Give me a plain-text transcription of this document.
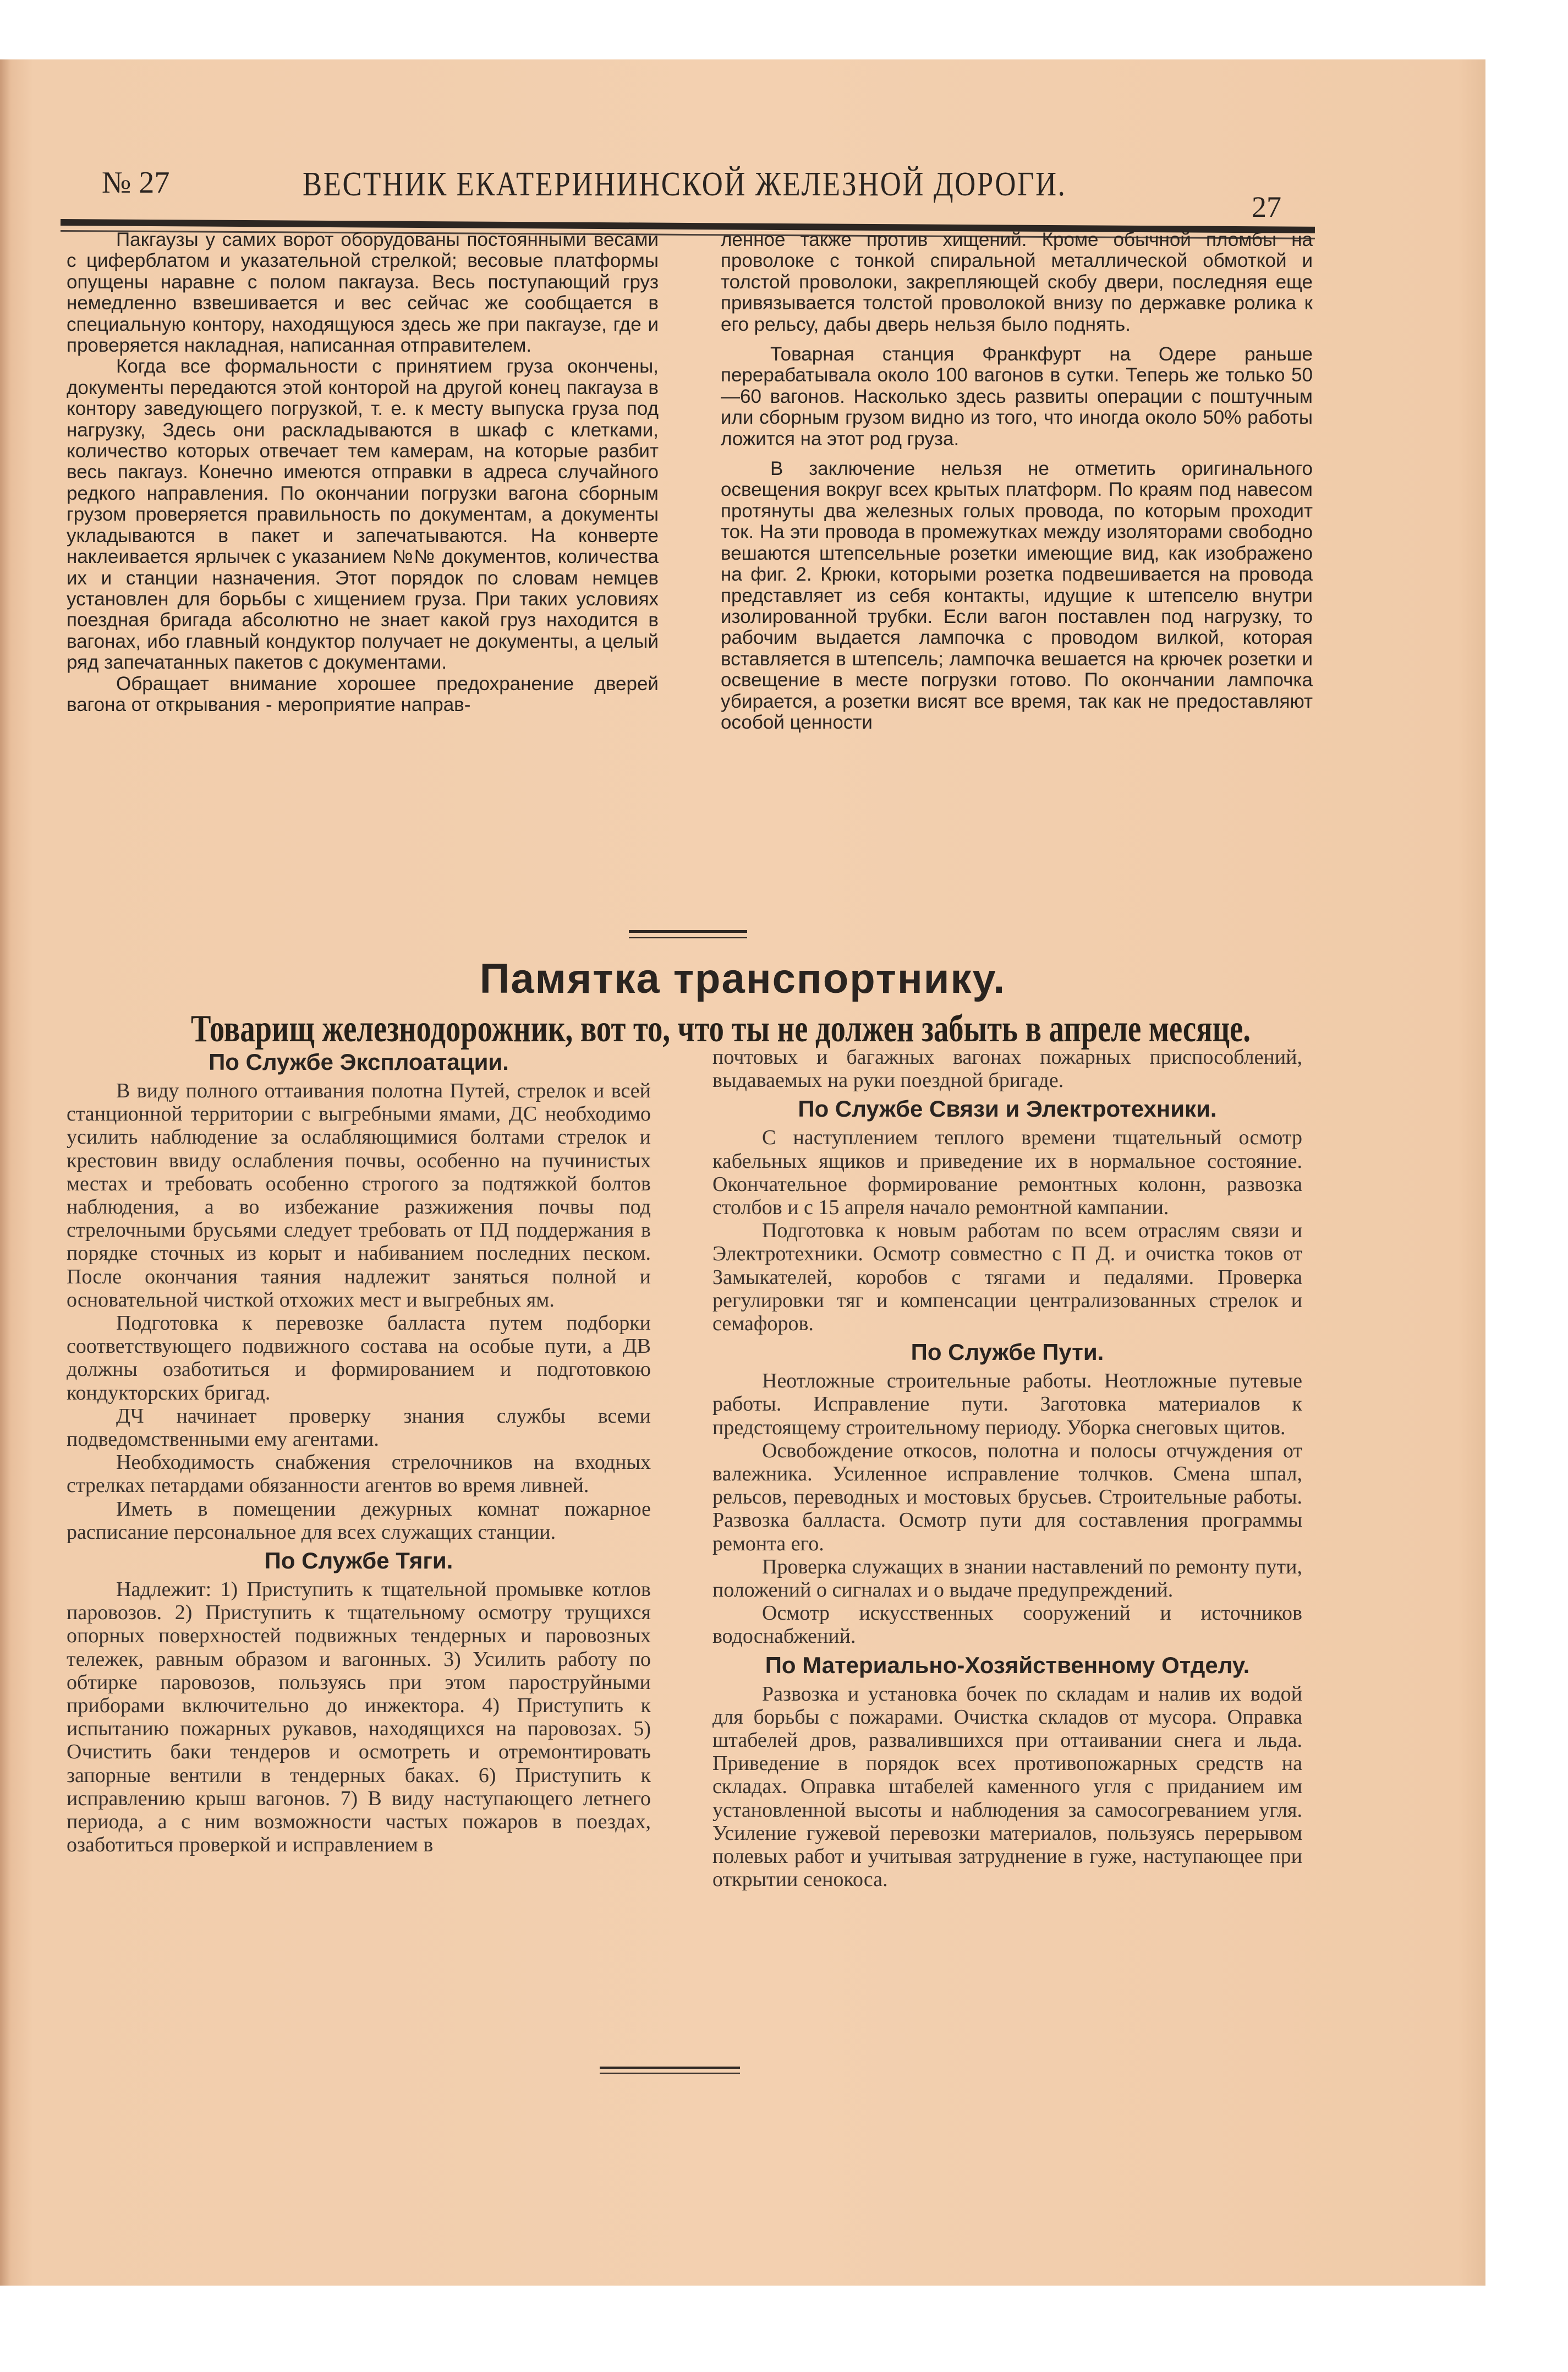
№ 27	ВЕСТНИК ЕКАТЕРИНИНСКОЙ ЖЕЛЕЗНОЙ ДОРОГИ.
27

Пакгаузы у самих ворот оборудованы постоянными весами с циферблатом и указательной стрелкой; весовые платформы опущены наравне с полом пакгауза. Весь поступающий груз немедленно взвешивается и вес сейчас же сообщается в специальную контору, находящуюся здесь же при пакгаузе, где и проверяется накладная, написанная отправителем.

Когда все формальности с принятием груза окончены, документы передаются этой конторой на другой конец пакгауза в контору заведующего погрузкой, т. е. к месту выпуска груза под нагрузку, Здесь они раскладываются в шкаф с клетками, количество которых отвечает тем камерам, на которые разбит весь пакгауз. Конечно имеются отправки в адреса случайного редкого направления. По окончании погрузки вагона сборным грузом проверяется правильность по документам, а документы укладываются в пакет и запечатываются. На конверте наклеивается ярлычек с указанием №№ документов, количества их и станции назначения. Этот порядок по словам немцев установлен для борьбы с хищением груза. При таких условиях поездная бригада абсолютно не знает какой груз находится в вагонах, ибо главный кондуктор получает не документы, а целый ряд запечатанных пакетов с документами.

Обращает внимание хорошее предохранение дверей вагона от открывания - мероприятие направ-

ленное также против хищений. Кроме обычной пломбы на проволоке с тонкой спиральной металлической обмоткой и толстой проволоки, закрепляющей скобу двери, последняя еще привязывается толстой проволокой внизу по державке ролика к его рельсу, дабы дверь нельзя было поднять.

Товарная станция Франкфурт на Одере раньше перерабатывала около 100 вагонов в сутки. Теперь же только 50—60 вагонов. Насколько здесь развиты операции с поштучным или сборным грузом видно из того, что иногда около 50% работы ложится на этот род груза.

В заключение нельзя не отметить оригинального освещения вокруг всех крытых платформ. По краям под навесом протянуты два железных голых провода, по которым проходит ток. На эти провода в промежутках между изоляторами свободно вешаются штепсельные розетки имеющие вид, как изображено на фиг. 2. Крюки, которыми розетка подвешивается на провода представляет из себя контакты, идущие к штепселю внутри изолированной трубки. Если вагон поставлен под нагрузку, то рабочим выдается лампочка с проводом вилкой, которая вставляется в штепсель; лампочка вешается на крючек розетки и освещение в месте погрузки готово. По окончании лампочка убирается, а розетки висят все время, так как не предоставляют особой ценности

Памятка транспортнику.
Товарищ железнодорожник, вот то, что ты не должен забыть в апреле месяце.
По Службе Эксплоатации.

В виду полного оттаивания полотна Путей, стрелок и всей станционной территории с выгребными ямами, ДС необходимо усилить наблюдение за ослабляющимися болтами стрелок и крестовин ввиду ослабления почвы, особенно на пучинистых местах и требовать особенно строгого за подтяжкой болтов наблюдения, а во избежание разжижения почвы под стрелочными брусьями следует требовать от ПД поддержания в порядке сточных из корыт и набиванием последних песком. После окончания таяния надлежит заняться полной и основательной чисткой отхожих мест и выгребных ям.

Подготовка к перевозке балласта путем подборки соответствующего подвижного состава на особые пути, а ДВ должны озаботиться и формированием и подготовкою кондукторских бригад.

ДЧ начинает проверку знания службы всеми подведомственными ему агентами.

Необходимость снабжения стрелочников на входных стрелках петардами обязанности агентов во время ливней.

Иметь в помещении дежурных комнат пожарное расписание персональное для всех служащих станции.

По Службе Тяги.

Надлежит: 1) Приступить к тщательной промывке котлов паровозов. 2) Приступить к тщательному осмотру трущихся опорных поверхностей подвижных тендерных и паровозных тележек, равным образом и вагонных. 3) Усилить работу по обтирке паровозов, пользуясь при этом пароструйными приборами включительно до инжектора. 4) Приступить к испытанию пожарных рукавов, находящихся на паровозах. 5) Очистить баки тендеров и осмотреть и отремонтировать запорные вентили в тендерных баках. 6) Приступить к исправлению крыш вагонов. 7) В виду наступающего летнего периода, а с ним возможности частых пожаров в поездах, озаботиться проверкой и исправлением в

почтовых и багажных вагонах пожарных приспособлений, выдаваемых на руки поездной бригаде.

По Службе Связи и Электротехники.

С наступлением теплого времени тщательный осмотр кабельных ящиков и приведение их в нормальное состояние. Окончательное формирование ремонтных колонн, развозка столбов и с 15 апреля начало ремонтной кампании.

Подготовка к новым работам по всем отраслям связи и Электротехники. Осмотр совместно с П Д. и очистка токов от Замыкателей, коробов с тягами и педалями. Проверка регулировки тяг и компенсации централизованных стрелок и семафоров.

По Службе Пути.

Неотложные строительные работы. Неотложные путевые работы. Исправление пути. Заготовка материалов к предстоящему строительному периоду. Уборка снеговых щитов.

Освобождение откосов, полотна и полосы отчуждения от валежника. Усиленное исправление толчков. Смена шпал, рельсов, переводных и мостовых брусьев. Строительные работы. Развозка балласта. Осмотр пути для составления программы ремонта его.

Проверка служащих в знании наставлений по ремонту пути, положений о сигналах и о выдаче предупреждений.

Осмотр искусственных сооружений и источников водоснабжений.

По Материально-Хозяйственному Отделу.

Развозка и установка бочек по складам и налив их водой для борьбы с пожарами. Очистка складов от мусора. Оправка штабелей дров, развалившихся при оттаивании снега и льда. Приведение в порядок всех противопожарных средств на складах. Оправка штабелей каменного угля с приданием им установленной высоты и наблюдения за самосогреванием угля. Усиление гужевой перевозки материалов, пользуясь перерывом полевых работ и учитывая затруднение в гуже, наступающее при открытии сенокоса.
